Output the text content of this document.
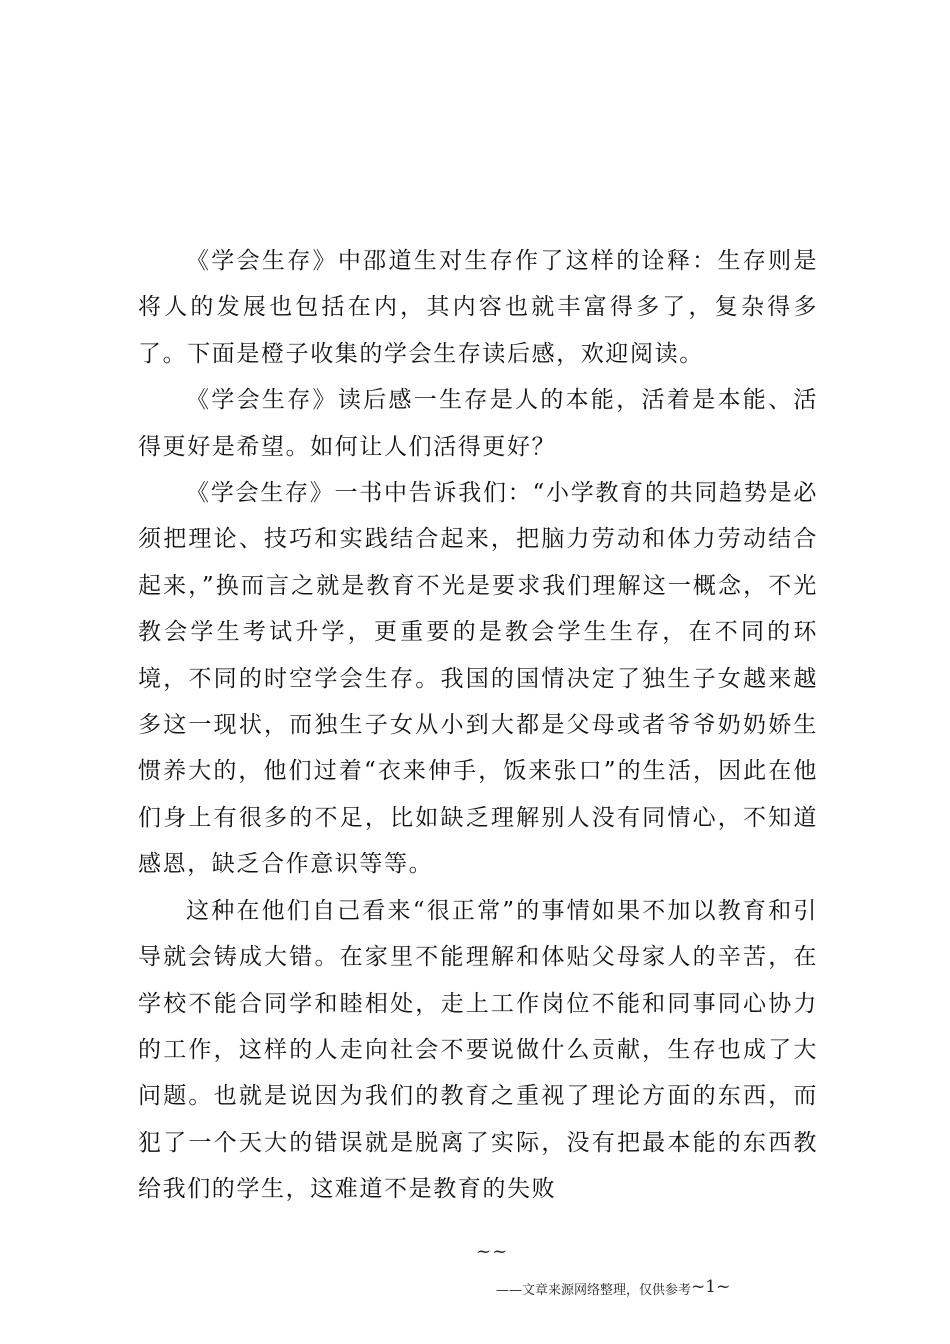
《学会生存》中邵道生对生存作了这样的诠释：生存则是将人的发展也包括在内，其内容也就丰富得多了，复杂得多了。下面是橙子收集的学会生存读后感，欢迎阅读。

《学会生存》读后感一生存是人的本能，活着是本能、活得更好是希望。如何让人们活得更好？

《学会生存》一书中告诉我们：“小学教育的共同趋势是必须把理论、技巧和实践结合起来，把脑力劳动和体力劳动结合起来，”换而言之就是教育不光是要求我们理解这一概念，不光教会学生考试升学，更重要的是教会学生生存，在不同的环境，不同的时空学会生存。我国的国情决定了独生子女越来越多这一现状，而独生子女从小到大都是父母或者爷爷奶奶娇生惯养大的，他们过着“衣来伸手，饭来张口”的生活，因此在他们身上有很多的不足，比如缺乏理解别人没有同情心，不知道感恩，缺乏合作意识等等。

这种在他们自己看来“很正常”的事情如果不加以教育和引导就会铸成大错。在家里不能理解和体贴父母家人的辛苦，在学校不能合同学和睦相处，走上工作岗位不能和同事同心协力的工作，这样的人走向社会不要说做什么贡献，生存也成了大问题。也就是说因为我们的教育之重视了理论方面的东西，而犯了一个天大的错误就是脱离了实际，没有把最本能的东西教给我们的学生，这难道不是教育的失败

~~
——文章来源网络整理，仅供参考~1~
